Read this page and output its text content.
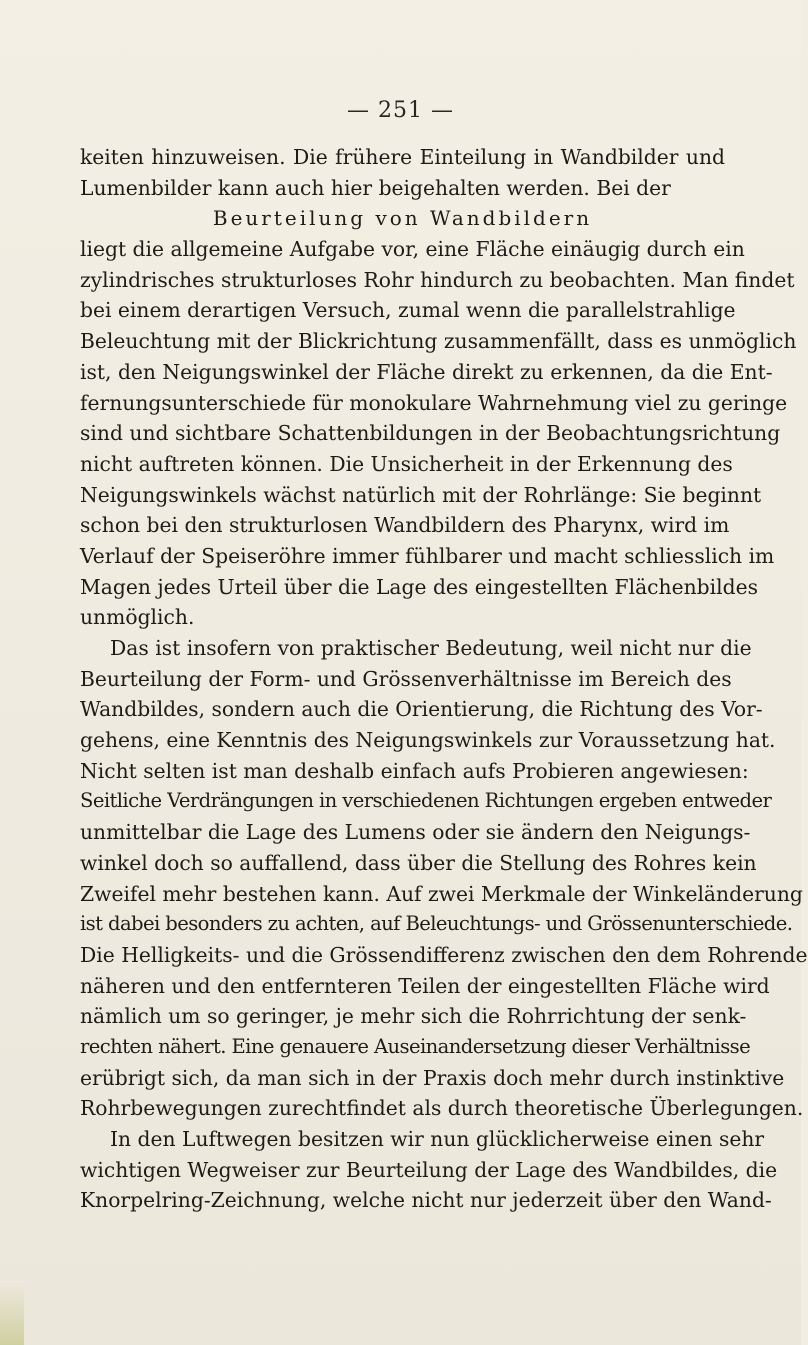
— 251 —
keiten hinzuweisen. Die frühere Einteilung in Wandbilder und
Lumenbilder kann auch hier beigehalten werden. Bei der
Beurteilung von Wandbildern
liegt die allgemeine Aufgabe vor, eine Fläche einäugig durch ein
zylindrisches strukturloses Rohr hindurch zu beobachten. Man findet
bei einem derartigen Versuch, zumal wenn die parallelstrahlige
Beleuchtung mit der Blickrichtung zusammenfällt, dass es unmöglich
ist, den Neigungswinkel der Fläche direkt zu erkennen, da die Ent-
fernungsunterschiede für monokulare Wahrnehmung viel zu geringe
sind und sichtbare Schattenbildungen in der Beobachtungsrichtung
nicht auftreten können. Die Unsicherheit in der Erkennung des
Neigungswinkels wächst natürlich mit der Rohrlänge: Sie beginnt
schon bei den strukturlosen Wandbildern des Pharynx, wird im
Verlauf der Speiseröhre immer fühlbarer und macht schliesslich im
Magen jedes Urteil über die Lage des eingestellten Flächenbildes
unmöglich.
Das ist insofern von praktischer Bedeutung, weil nicht nur die
Beurteilung der Form- und Grössenverhältnisse im Bereich des
Wandbildes, sondern auch die Orientierung, die Richtung des Vor-
gehens, eine Kenntnis des Neigungswinkels zur Voraussetzung hat.
Nicht selten ist man deshalb einfach aufs Probieren angewiesen:
Seitliche Verdrängungen in verschiedenen Richtungen ergeben entweder
unmittelbar die Lage des Lumens oder sie ändern den Neigungs-
winkel doch so auffallend, dass über die Stellung des Rohres kein
Zweifel mehr bestehen kann. Auf zwei Merkmale der Winkeländerung
ist dabei besonders zu achten, auf Beleuchtungs- und Grössenunterschiede.
Die Helligkeits- und die Grössendifferenz zwischen den dem Rohrende
näheren und den entfernteren Teilen der eingestellten Fläche wird
nämlich um so geringer, je mehr sich die Rohrrichtung der senk-
rechten nähert. Eine genauere Auseinandersetzung dieser Verhältnisse
erübrigt sich, da man sich in der Praxis doch mehr durch instinktive
Rohrbewegungen zurechtfindet als durch theoretische Überlegungen.
In den Luftwegen besitzen wir nun glücklicherweise einen sehr
wichtigen Wegweiser zur Beurteilung der Lage des Wandbildes, die
Knorpelring-Zeichnung, welche nicht nur jederzeit über den Wand-
